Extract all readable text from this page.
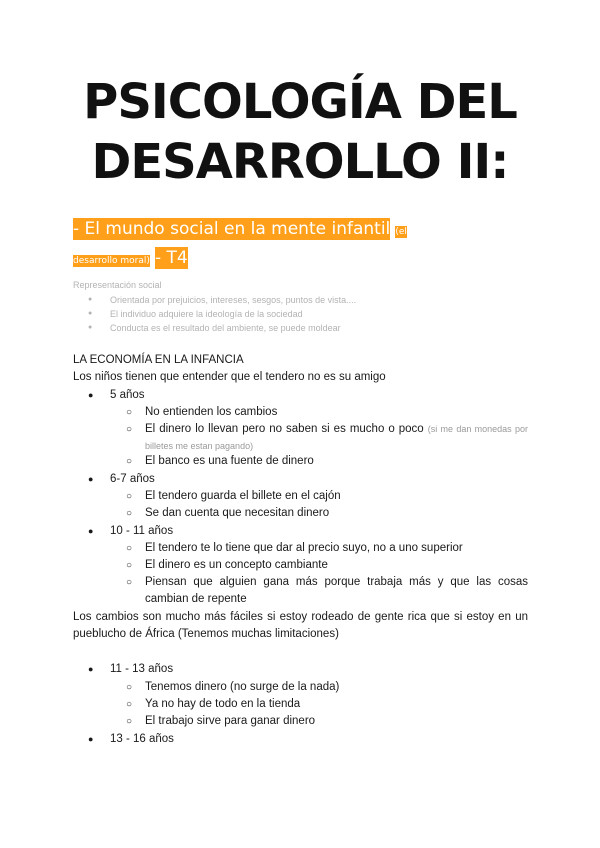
PSICOLOGÍA DEL
DESARROLLO II:

- El mundo social en la mente infantil (el
desarrollo moral) - T4

Representación social

● Orientada por prejuicios, intereses, sesgos, puntos de vista....
● El individuo adquiere la ideología de la sociedad
● Conducta es el resultado del ambiente, se puede moldear

LA ECONOMÍA EN LA INFANCIA

Los niños tienen que entender que el tendero no es su amigo

● 5 años

○ No entienden los cambios

○ El dinero lo llevan pero no saben si es mucho o poco (si me dan monedas por billetes me estan pagando)

○ El banco es una fuente de dinero

● 6-7 años

○ El tendero guarda el billete en el cajón

○ Se dan cuenta que necesitan dinero

● 10 - 11 años

○ El tendero te lo tiene que dar al precio suyo, no a uno superior

○ El dinero es un concepto cambiante

○ Piensan que alguien gana más porque trabaja más y que las cosas cambian de repente

Los cambios son mucho más fáciles si estoy rodeado de gente rica que si estoy en un pueblucho de África (Tenemos muchas limitaciones)

● 11 - 13 años

○ Tenemos dinero (no surge de la nada)

○ Ya no hay de todo en la tienda

○ El trabajo sirve para ganar dinero

● 13 - 16 años
